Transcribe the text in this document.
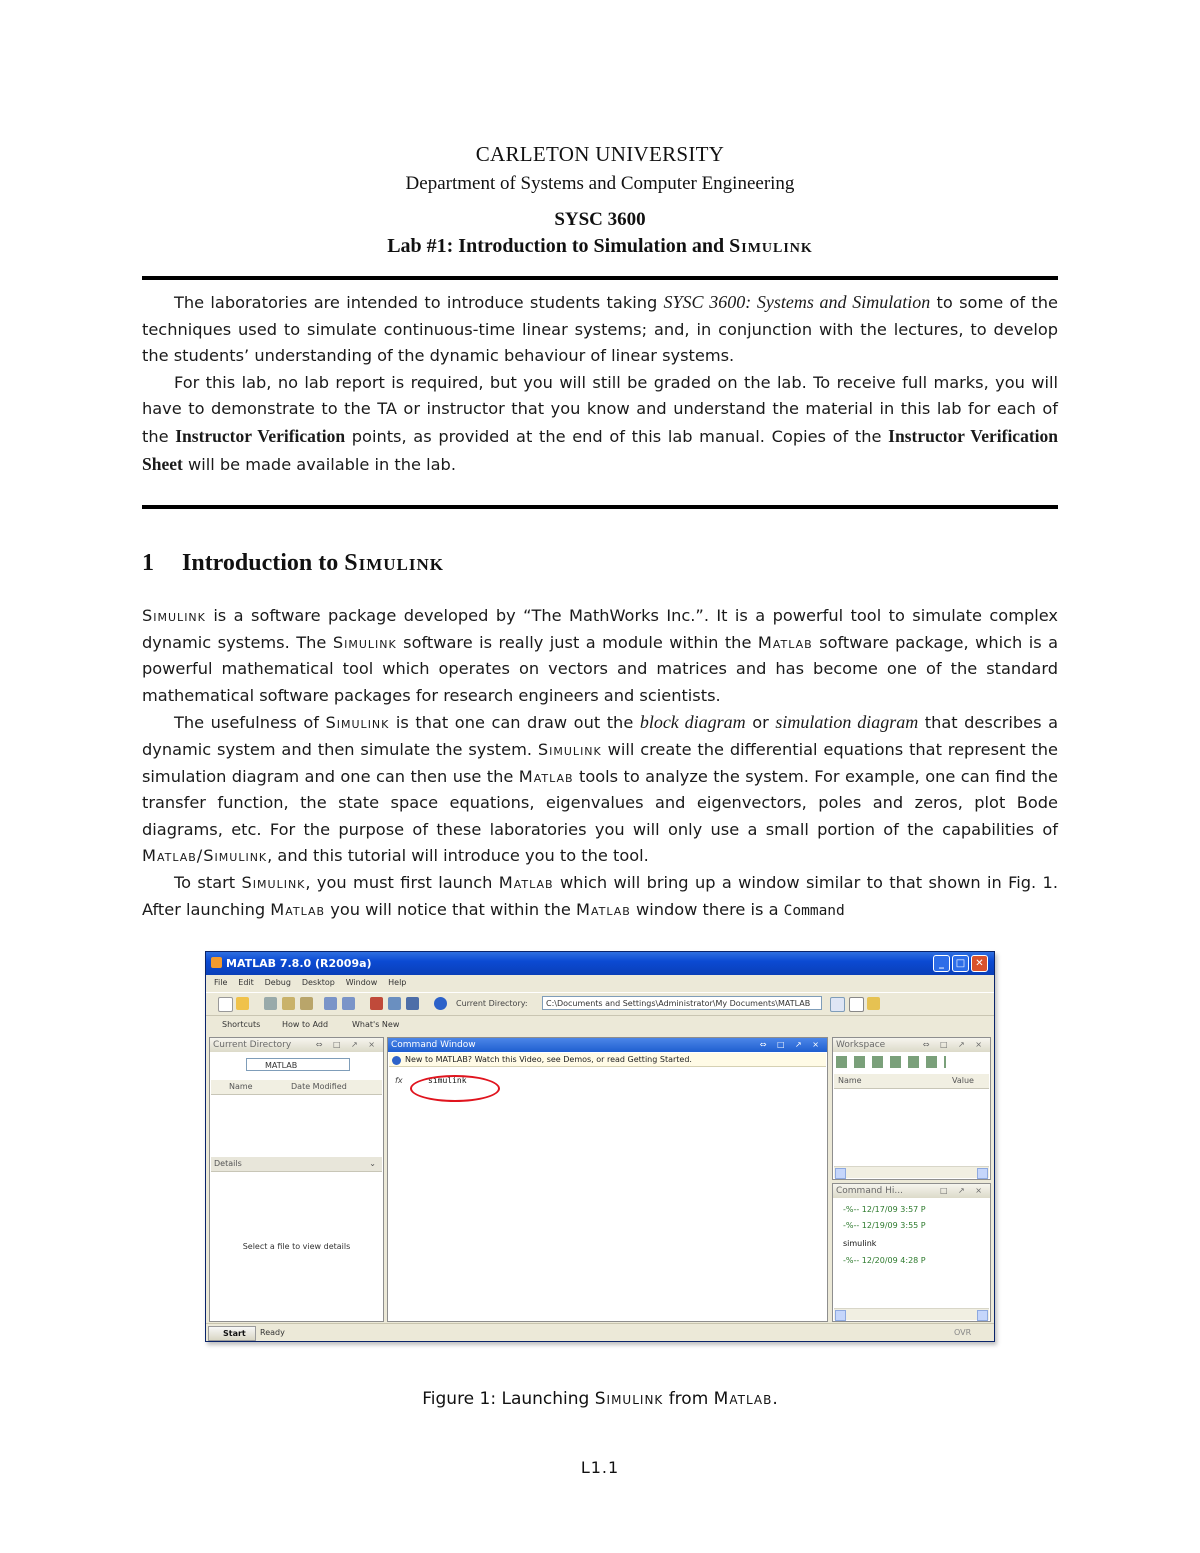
CARLETON UNIVERSITY
Department of Systems and Computer Engineering
SYSC 3600
Lab #1: Introduction to Simulation and Simulink

The laboratories are intended to introduce students taking SYSC 3600: Systems and Simulation to some of the techniques used to simulate continuous-time linear systems; and, in conjunction with the lectures, to develop the students’ understanding of the dynamic behaviour of linear systems.

For this lab, no lab report is required, but you will still be graded on the lab. To receive full marks, you will have to demonstrate to the TA or instructor that you know and understand the material in this lab for each of the Instructor Verification points, as provided at the end of this lab manual. Copies of the Instructor Verification Sheet will be made available in the lab.

1 Introduction to Simulink

Simulink is a software package developed by “The MathWorks Inc.”. It is a powerful tool to simulate complex dynamic systems. The Simulink software is really just a module within the Matlab software package, which is a powerful mathematical tool which operates on vectors and matrices and has become one of the standard mathematical software packages for research engineers and scientists.

The usefulness of Simulink is that one can draw out the block diagram or simulation diagram that describes a dynamic system and then simulate the system. Simulink will create the differential equations that represent the simulation diagram and one can then use the Matlab tools to analyze the system. For example, one can find the transfer function, the state space equations, eigenvalues and eigenvectors, poles and zeros, plot Bode diagrams, etc. For the purpose of these laboratories you will only use a small portion of the capabilities of Matlab/Simulink, and this tutorial will introduce you to the tool.

To start Simulink, you must first launch Matlab which will bring up a window similar to that shown in Fig. 1. After launching Matlab you will notice that within the Matlab window there is a Command

MATLAB 7.8.0 (R2009a)	_	□	✕
File Edit Debug Desktop Window Help
Current Directory:	C:\Documents and Settings\Administrator\My Documents\MATLAB
Shortcuts	How to Add	What's New
Current Directory	⇔ □ ↗ ×
MATLAB
Name	Date Modified
Details	⌄
Select a file to view details
Command Window	⇔ □ ↗ ×
New to MATLAB? Watch this Video, see Demos, or read Getting Started.
fx	simulink
Workspace	⇔ □ ↗ ×
Name	Value
Command Hi...	□ ↗ ×
-%-- 12/17/09 3:57 P
-%-- 12/19/09 3:55 P
simulink
-%-- 12/20/09 4:28 P
Start	Ready	OVR
Figure 1: Launching Simulink from Matlab.
L1.1
